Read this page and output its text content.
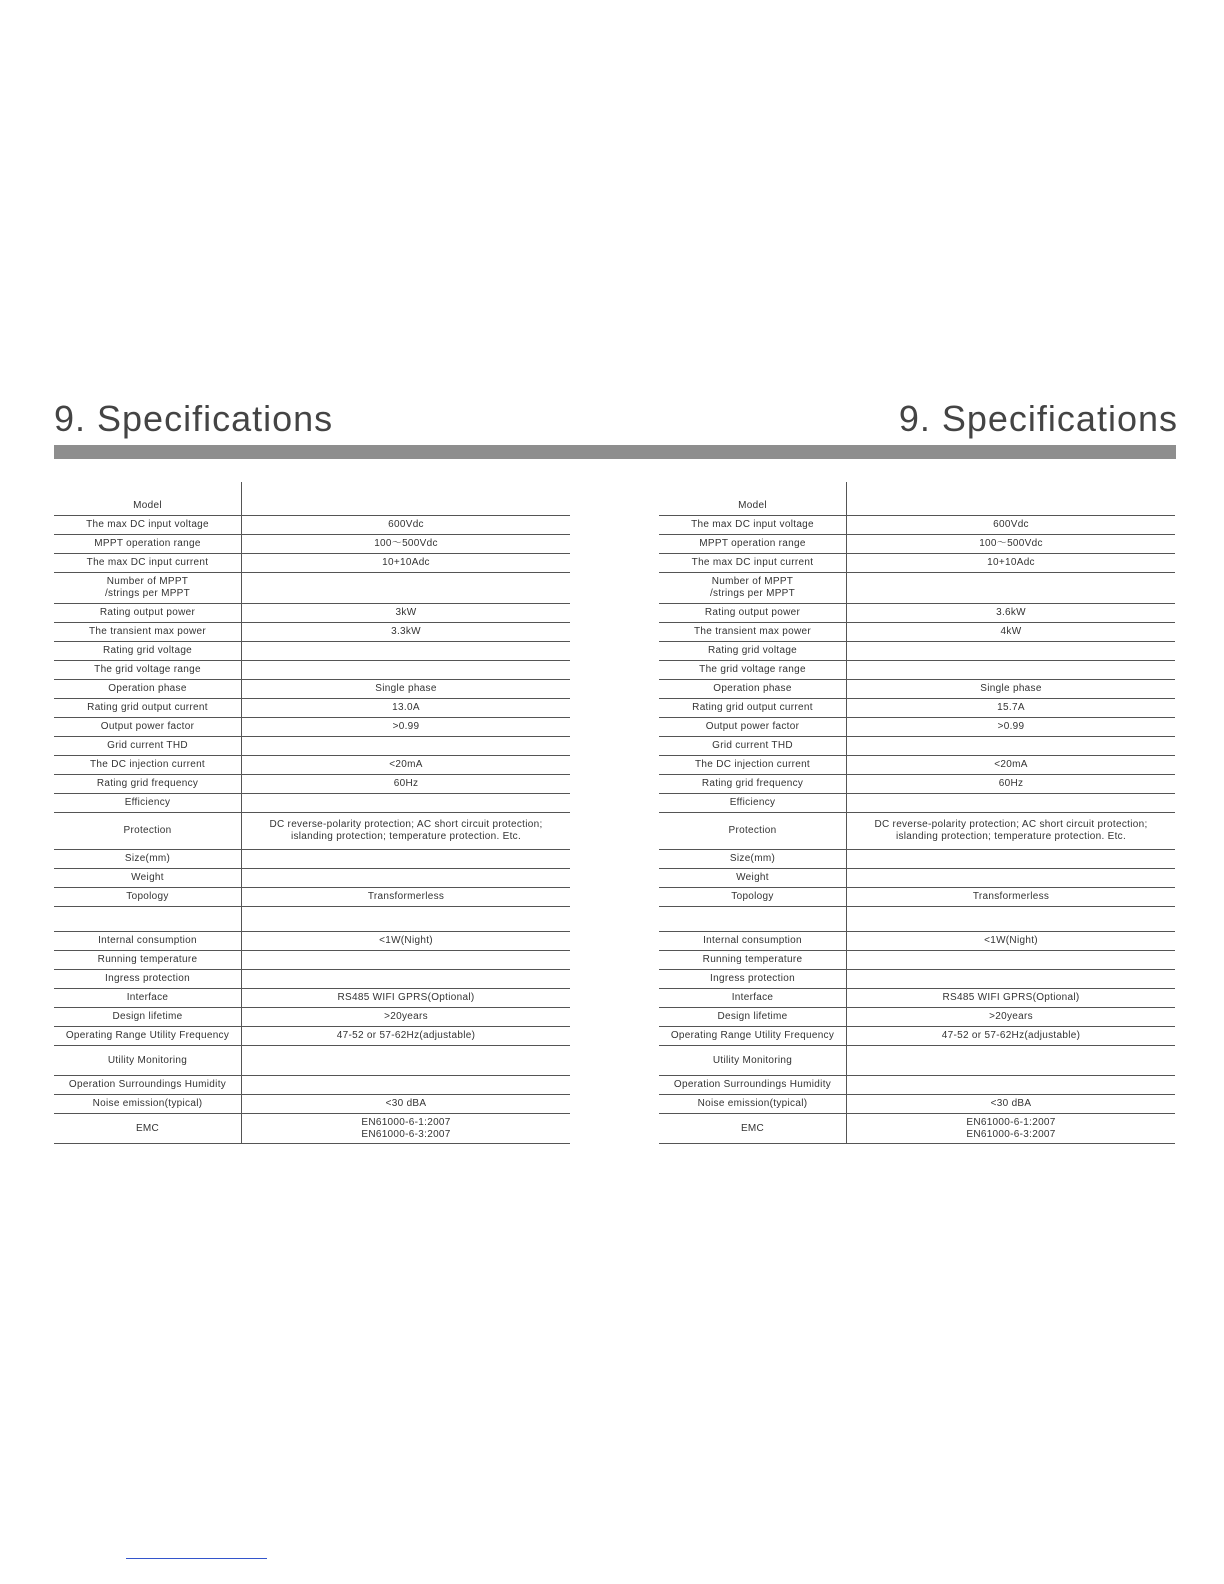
9. Specifications	9. Specifications
Model	
The max DC input voltage	600Vdc
MPPT operation range	100～500Vdc
The max DC input current	10+10Adc
Number of MPPT
/strings per MPPT	
Rating output power	3kW
The transient max power	3.3kW
Rating grid voltage	
The grid voltage range	
Operation phase	Single phase
Rating grid output current	13.0A
Output power factor	>0.99
Grid current THD	
The DC injection current	<20mA
Rating grid frequency	60Hz
Efficiency	
Protection	DC reverse-polarity protection; AC short circuit protection;
islanding protection; temperature protection. Etc.
Size(mm)	
Weight	
Topology	Transformerless

Internal consumption	<1W(Night)
Running temperature	
Ingress protection	
Interface	RS485 WIFI GPRS(Optional)
Design lifetime	>20years
Operating Range Utility Frequency	47-52 or 57-62Hz(adjustable)
Utility Monitoring	
Operation Surroundings Humidity	
Noise emission(typical)	<30 dBA
EMC	EN61000-6-1:2007
EN61000-6-3:2007
Model	
The max DC input voltage	600Vdc
MPPT operation range	100～500Vdc
The max DC input current	10+10Adc
Number of MPPT
/strings per MPPT	
Rating output power	3.6kW
The transient max power	4kW
Rating grid voltage	
The grid voltage range	
Operation phase	Single phase
Rating grid output current	15.7A
Output power factor	>0.99
Grid current THD	
The DC injection current	<20mA
Rating grid frequency	60Hz
Efficiency	
Protection	DC reverse-polarity protection; AC short circuit protection;
islanding protection; temperature protection. Etc.
Size(mm)	
Weight	
Topology	Transformerless

Internal consumption	<1W(Night)
Running temperature	
Ingress protection	
Interface	RS485 WIFI GPRS(Optional)
Design lifetime	>20years
Operating Range Utility Frequency	47-52 or 57-62Hz(adjustable)
Utility Monitoring	
Operation Surroundings Humidity	
Noise emission(typical)	<30 dBA
EMC	EN61000-6-1:2007
EN61000-6-3:2007
